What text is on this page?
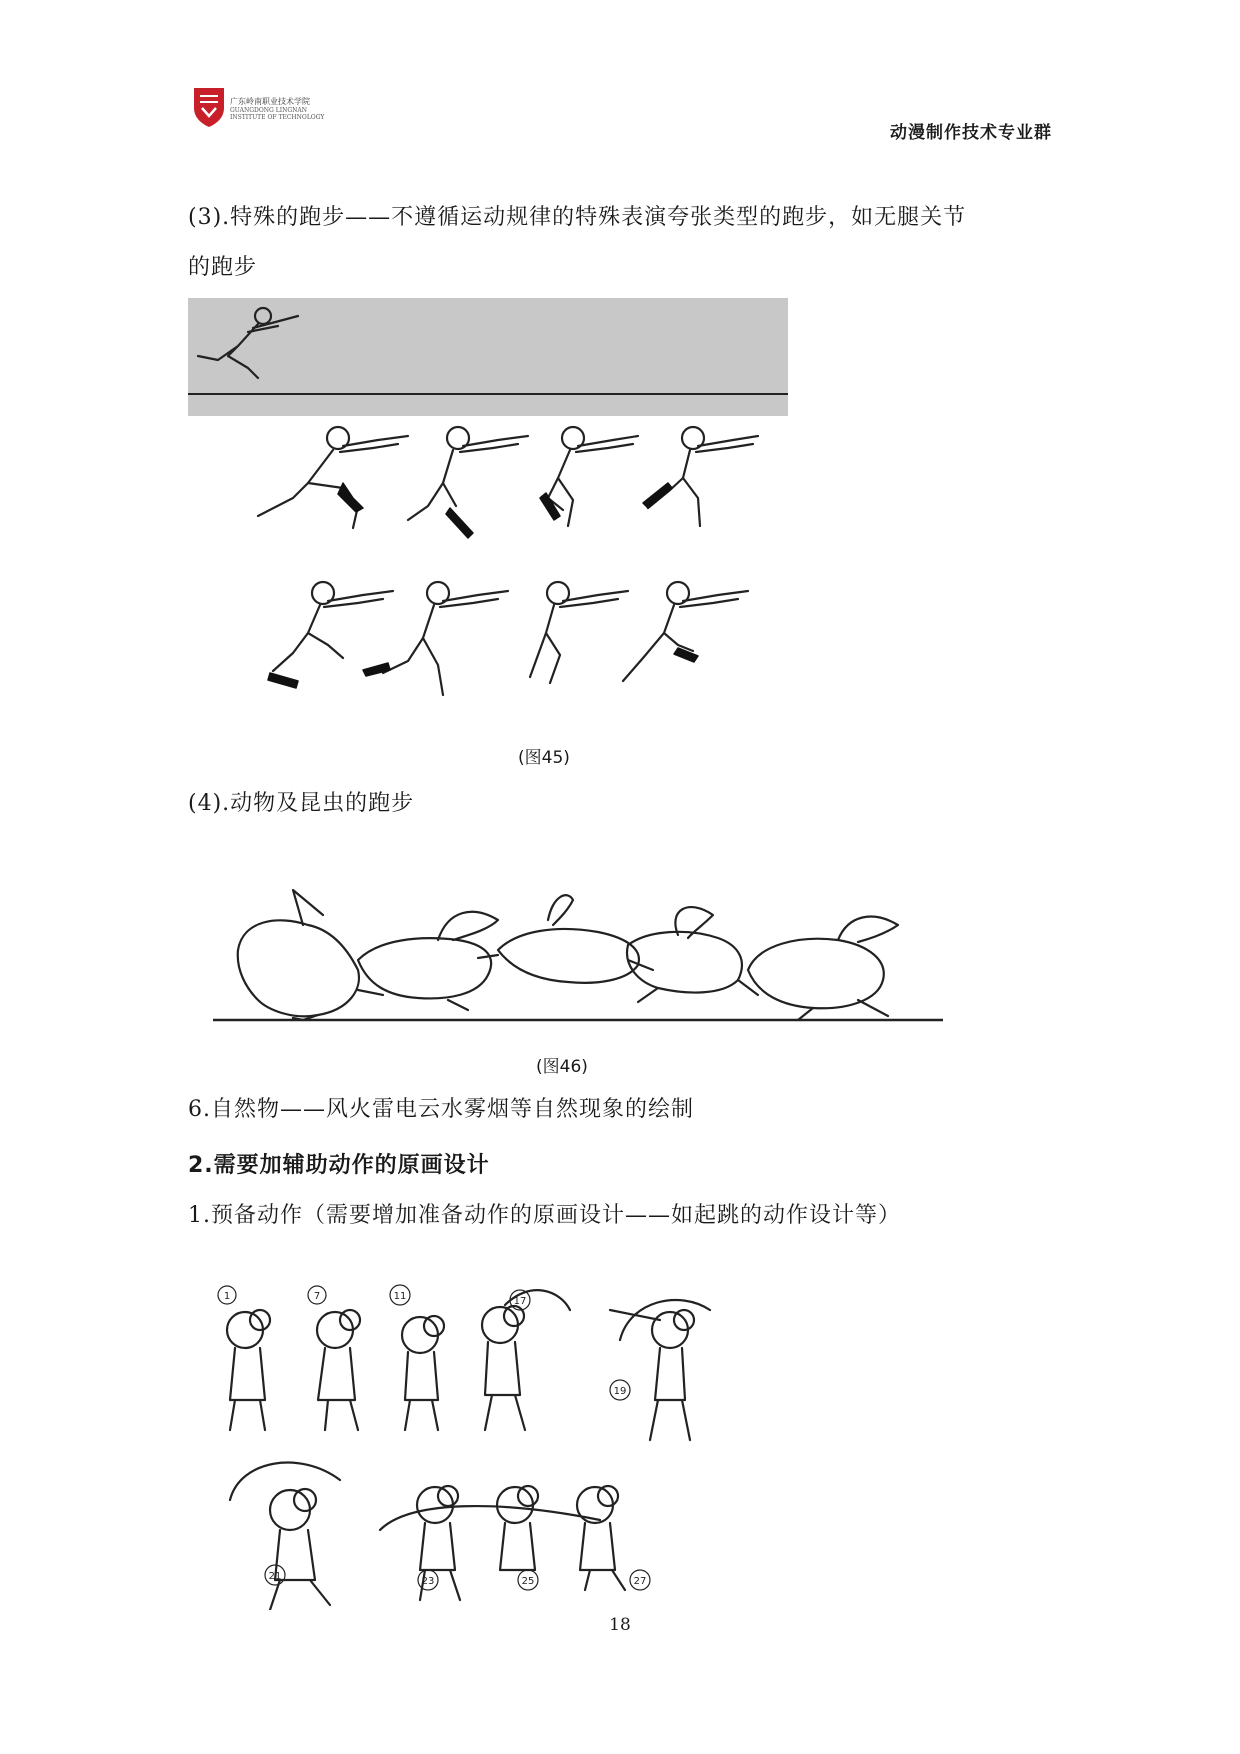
广东岭南职业技术学院
GUANGDONG LINGNAN
INSTITUTE OF TECHNOLOGY
动漫制作技术专业群
(3).特殊的跑步——不遵循运动规律的特殊表演夸张类型的跑步，如无腿关节
的跑步
(图45)
(4).动物及昆虫的跑步
(图46)
6.自然物——风火雷电云水雾烟等自然现象的绘制
2.需要加辅助动作的原画设计
1.预备动作（需要增加准备动作的原画设计——如起跳的动作设计等）
1	7	11	17
19
21	23	25	27
18
